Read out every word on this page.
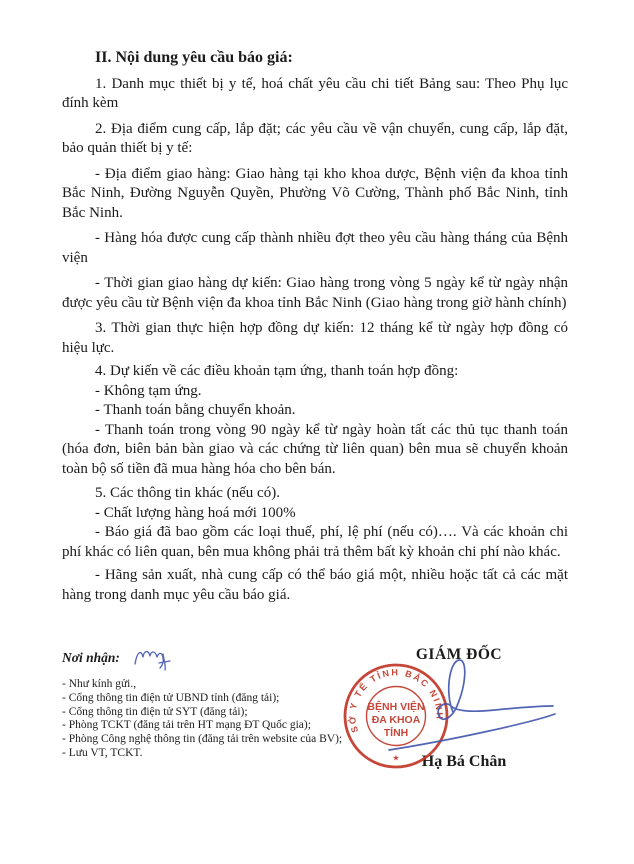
II. Nội dung yêu cầu báo giá:

1. Danh mục thiết bị y tế, hoá chất yêu cầu chi tiết Bảng sau: Theo Phụ lục đính kèm

2. Địa điểm cung cấp, lắp đặt; các yêu cầu về vận chuyển, cung cấp, lắp đặt, bảo quản thiết bị y tế:

- Địa điểm giao hàng: Giao hàng tại kho khoa dược, Bệnh viện đa khoa tỉnh Bắc Ninh, Đường Nguyễn Quyền, Phường Võ Cường, Thành phố Bắc Ninh, tỉnh Bắc Ninh.

- Hàng hóa được cung cấp thành nhiều đợt theo yêu cầu hàng tháng của Bệnh viện

- Thời gian giao hàng dự kiến: Giao hàng trong vòng 5 ngày kể từ ngày nhận được yêu cầu từ Bệnh viện đa khoa tỉnh Bắc Ninh (Giao hàng trong giờ hành chính)

3. Thời gian thực hiện hợp đồng dự kiến: 12 tháng kể từ ngày hợp đồng có hiệu lực.

4. Dự kiến về các điều khoản tạm ứng, thanh toán hợp đồng:

- Không tạm ứng.

- Thanh toán bằng chuyển khoản.

- Thanh toán trong vòng 90 ngày kể từ ngày hoàn tất các thủ tục thanh toán (hóa đơn, biên bản bàn giao và các chứng từ liên quan) bên mua sẽ chuyển khoản toàn bộ số tiền đã mua hàng hóa cho bên bán.

5. Các thông tin khác (nếu có).

- Chất lượng hàng hoá mới 100%

- Báo giá đã bao gồm các loại thuế, phí, lệ phí (nếu có)…. Và các khoản chi phí khác có liên quan, bên mua không phải trả thêm bất kỳ khoản chi phí nào khác.

- Hãng sản xuất, nhà cung cấp có thể báo giá một, nhiều hoặc tất cả các mặt hàng trong danh mục yêu cầu báo giá.

Nơi nhận:

- Như kính gửi.,
- Cổng thông tin điện tử UBND tỉnh (đăng tải);
- Cổng thông tin điện tử SYT (đăng tải);
- Phòng TCKT (đăng tải trên HT mạng ĐT Quốc gia);
- Phòng Công nghệ thông tin (đăng tải trên website của BV);
- Lưu VT, TCKT.
GIÁM ĐỐC
SỞ Y TẾ TỈNH BẮC NINH
BỆNH VIỆN
ĐA KHOA
TỈNH
★	Hạ Bá Chân
